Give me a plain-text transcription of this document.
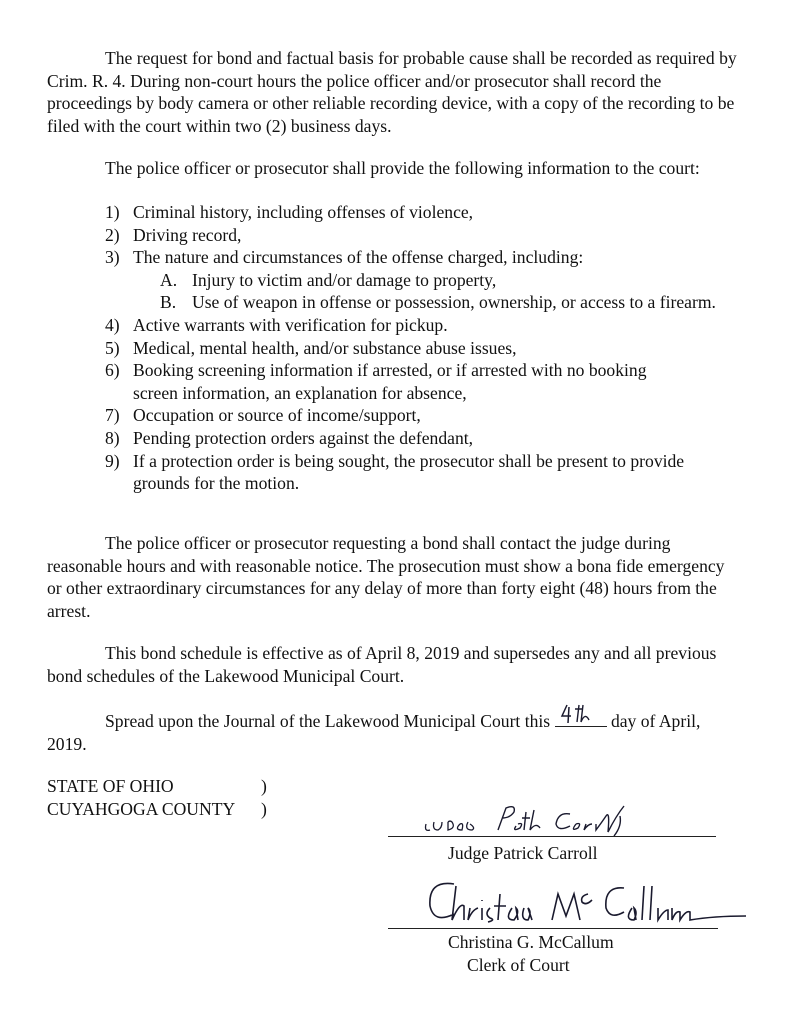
The request for bond and factual basis for probable cause shall be recorded as required by Crim. R. 4. During non-court hours the police officer and/or prosecutor shall record the proceedings by body camera or other reliable recording device, with a copy of the recording to be filed with the court within two (2) business days.

The police officer or prosecutor shall provide the following information to the court:

1) Criminal history, including offenses of violence,
2) Driving record,
3) The nature and circumstances of the offense charged, including:
A. Injury to victim and/or damage to property,
B. Use of weapon in offense or possession, ownership, or access to a firearm.
4) Active warrants with verification for pickup.
5) Medical, mental health, and/or substance abuse issues,
6) Booking screening information if arrested, or if arrested with no booking screen information, an explanation for absence,
7) Occupation or source of income/support,
8) Pending protection orders against the defendant,
9) If a protection order is being sought, the prosecutor shall be present to provide grounds for the motion.

The police officer or prosecutor requesting a bond shall contact the judge during reasonable hours and with reasonable notice. The prosecution must show a bona fide emergency or other extraordinary circumstances for any delay of more than forty eight (48) hours from the arrest.

This bond schedule is effective as of April 8, 2019 and supersedes any and all previous bond schedules of the Lakewood Municipal Court.

Spread upon the Journal of the Lakewood Municipal Court this	day of April, 2019.

STATE OF OHIO	)
CUYAHGOGA COUNTY )
Judge Patrick Carroll
Christina G. McCallum
Clerk of Court
